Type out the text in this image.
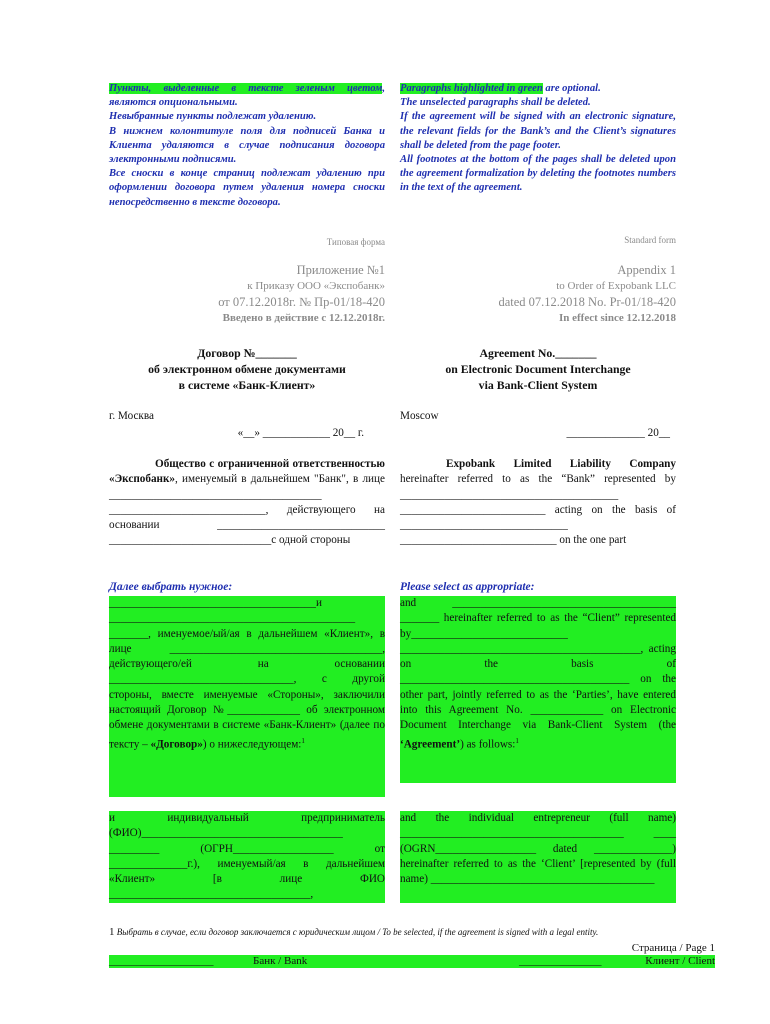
Пункты, выделенные в тексте зеленым цветом, являются опциональными.

Невыбранные пункты подлежат удалению.

В нижнем колонтитуле поля для подписей Банка и Клиента удаляются в случае подписания договора электронными подписями.

Все сноски в конце страниц подлежат удалению при оформлении договора путем удаления номера сноски непосредственно в тексте договора.

Paragraphs highlighted in green are optional.

The unselected paragraphs shall be deleted.

If the agreement will be signed with an electronic signature, the relevant fields for the Bank’s and the Client’s signatures shall be deleted from the page footer.

All footnotes at the bottom of the pages shall be deleted upon the agreement formalization by deleting the footnotes numbers in the text of the agreement.

Типовая форма	Standard form

Приложение №1

к Приказу ООО «Экспобанк»

от 07.12.2018г. № Пр-01/18-420

Введено в действие с 12.12.2018г.

Appendix 1

to Order of Expobank LLC

dated 07.12.2018 No. Pr-01/18-420

In effect since 12.12.2018

Договор №_______

об электронном обмене документами

в системе «Банк-Клиент»

Agreement No._______

on Electronic Document Interchange

via Bank-Client System

г. Москва	Moscow
«__» ____________ 20__ г.	______________ 20__
Общество с ограниченной ответственностью «Экспобанк», именуемый в дальнейшем "Банк", в лице ______________________________________ ____________________________, действующего на основании ______________________________ _____________________________с одной стороны
Expobank Limited Liability Company hereinafter referred to as the “Bank” represented by _______________________________________ __________________________ acting on the basis of ______________________________ ____________________________ on the one part
Далее выбрать нужное:	Please select as appropriate:
_____________________________________и ____________________________________________ _______, именуемое/ый/ая в дальнейшем «Клиент», в лице ______________________________________, действующего/ей на основании _________________________________, с другой стороны, вместе именуемые «Стороны», заключили настоящий Договор №_____________ об электронном обмене документами в системе «Банк-Клиент» (далее по тексту – «Договор») о нижеследующем:$^1$
and ________________________________________ _______ hereinafter referred to as the “Client” represented by____________________________ ___________________________________________, acting on the basis of _________________________________________ on the other part, jointly referred to as the ‘Parties’, have entered into this Agreement No. _____________ on Electronic Document Interchange via Bank-Client System (the ‘Agreement’) as follows:$^1$
и индивидуальный предприниматель (ФИО)____________________________________ _________ (ОГРН__________________ от ______________г.), именуемый/ая в дальнейшем «Клиент» [в лице ФИО ____________________________________,
and the individual entrepreneur (full name) ________________________________________ ____ (OGRN__________________ dated ______________) hereinafter referred to as the ‘Client’ [represented by (full name) ________________________________________
1 Выбрать в случае, если договор заключается с юридическим лицом / To be selected, if the agreement is signed with a legal entity.
Страница / Page 1
___________________	Банк / Bank	_______________	Клиент / Client
